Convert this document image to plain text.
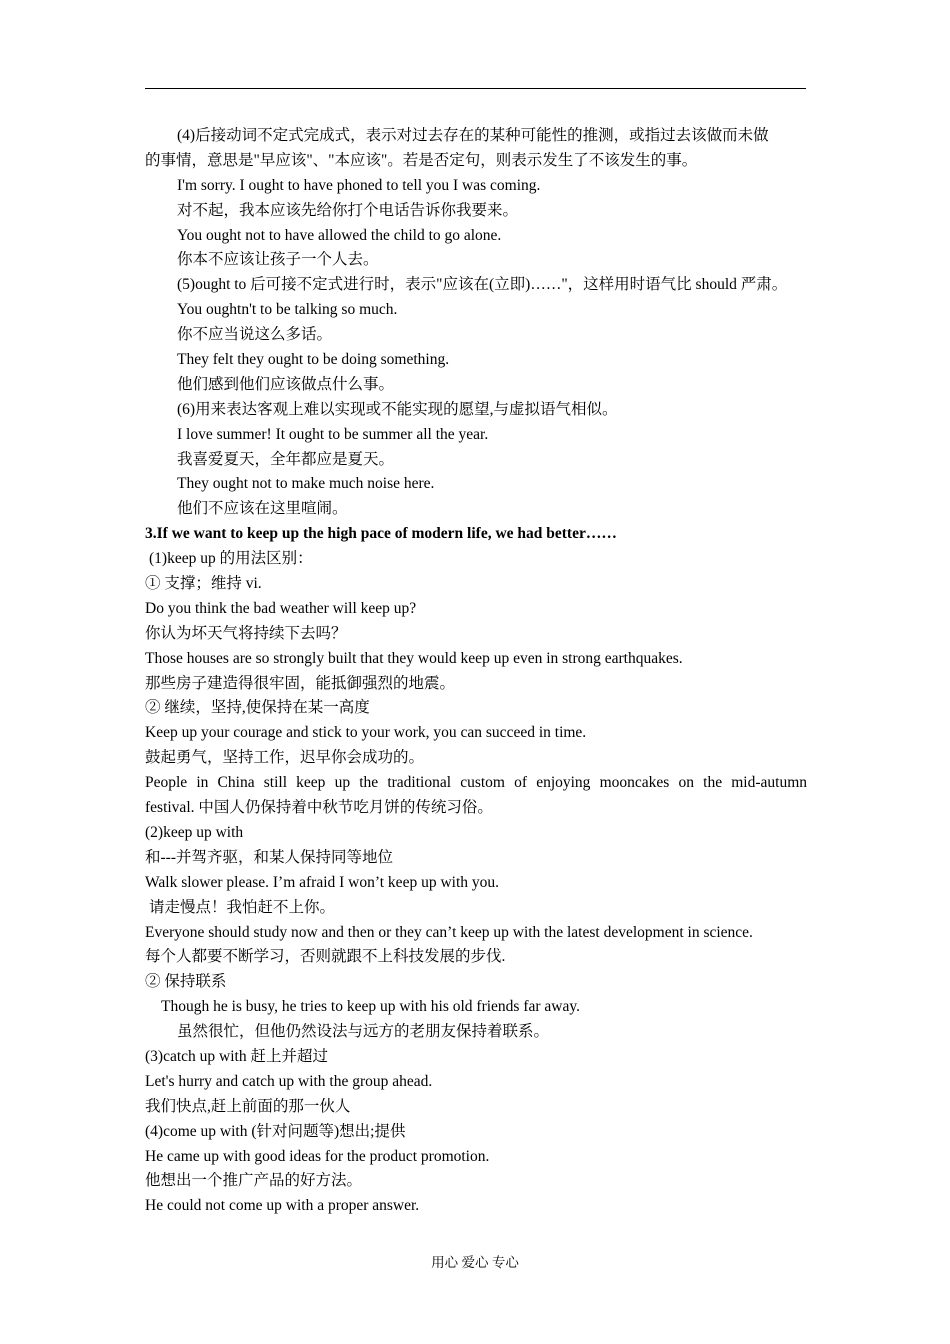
(4)后接动词不定式完成式，表示对过去存在的某种可能性的推测，或指过去该做而未做
的事情，意思是"早应该"、"本应该"。若是否定句，则表示发生了不该发生的事。
I'm sorry. I ought to have phoned to tell you I was coming.
对不起，我本应该先给你打个电话告诉你我要来。
You ought not to have allowed the child to go alone.
你本不应该让孩子一个人去。
(5)ought to 后可接不定式进行时，表示"应该在(立即)……"，这样用时语气比 should 严肃。
You oughtn't to be talking so much.
你不应当说这么多话。
They felt they ought to be doing something.
他们感到他们应该做点什么事。
(6)用来表达客观上难以实现或不能实现的愿望,与虚拟语气相似。
I love summer! It ought to be summer all the year.
我喜爱夏天，全年都应是夏天。
They ought not to make much noise here.
他们不应该在这里喧闹。
3.If we want to keep up the high pace of modern life, we had better……
(1)keep up 的用法区别：
① 支撑；维持 vi.
Do you think the bad weather will keep up?
你认为坏天气将持续下去吗？
Those houses are so strongly built that they would keep up even in strong earthquakes.
那些房子建造得很牢固，能抵御强烈的地震。
② 继续，坚持,使保持在某一高度
Keep up your courage and stick to your work, you can succeed in time.
鼓起勇气，坚持工作，迟早你会成功的。
People in China still keep up the traditional custom of enjoying mooncakes on the mid-autumn
festival. 中国人仍保持着中秋节吃月饼的传统习俗。
(2)keep up with
和---并驾齐驱，和某人保持同等地位
Walk slower please. I’m afraid I won’t keep up with you.
请走慢点！我怕赶不上你。
Everyone should study now and then or they can’t keep up with the latest development in science.
每个人都要不断学习，否则就跟不上科技发展的步伐.
② 保持联系
Though he is busy, he tries to keep up with his old friends far away.
虽然很忙，但他仍然设法与远方的老朋友保持着联系。
(3)catch up with 赶上并超过
Let's hurry and catch up with the group ahead.
我们快点,赶上前面的那一伙人
(4)come up with (针对问题等)想出;提供
He came up with good ideas for the product promotion.
他想出一个推广产品的好方法。
He could not come up with a proper answer.
用心 爱心 专心
